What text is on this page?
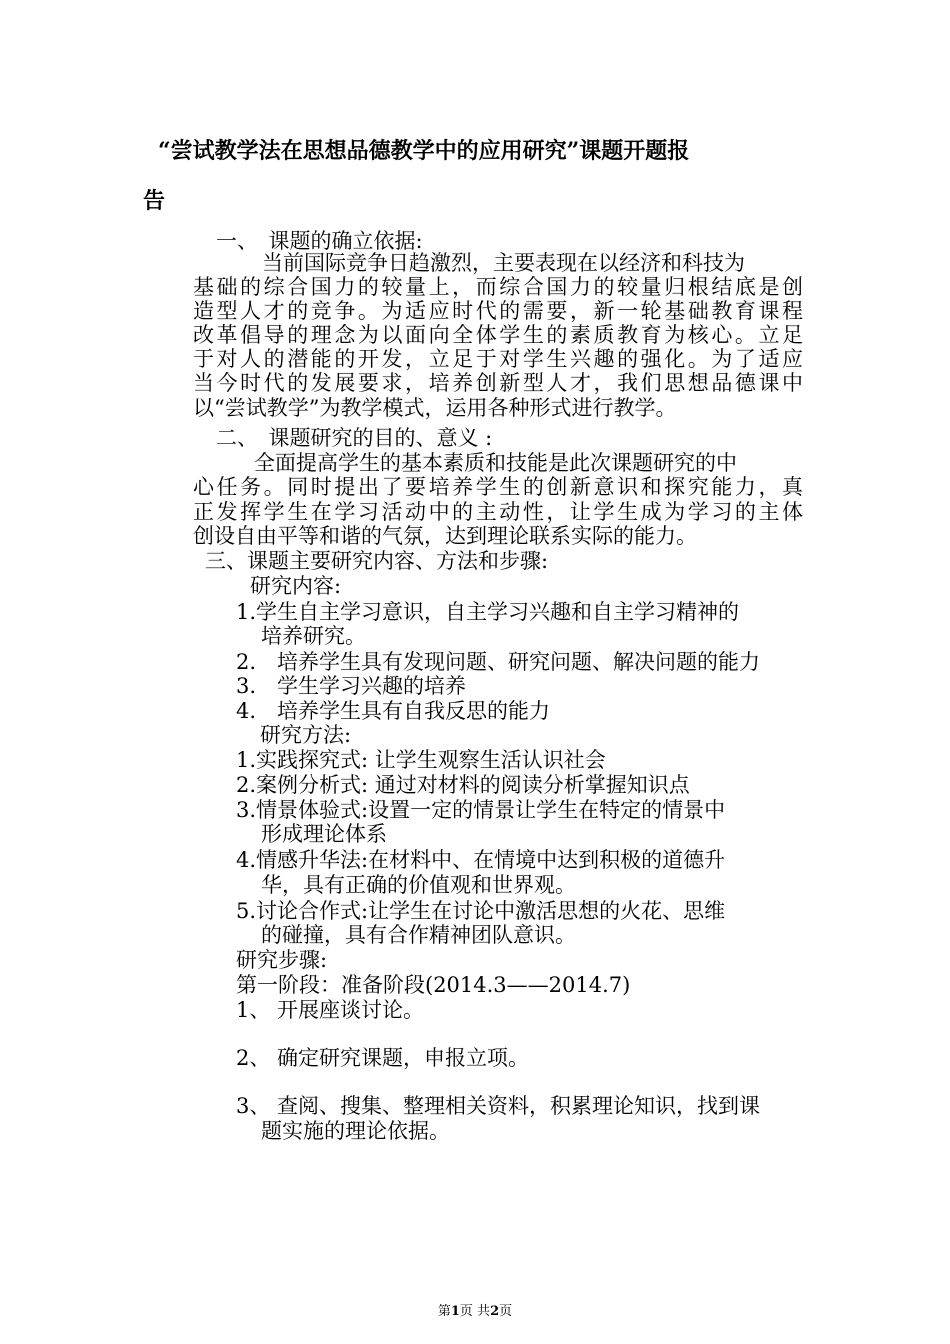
“尝试教学法在思想品德教学中的应用研究”课题开题报
告
一、　课题的确立依据:
当前国际竞争日趋激烈，主要表现在以经济和科技为
基础的综合国力的较量上，而综合国力的较量归根结底是创
造型人才的竞争。为适应时代的需要，新一轮基础教育课程
改革倡导的理念为以面向全体学生的素质教育为核心。立足
于对人的潜能的开发，立足于对学生兴趣的强化。为了适应
当今时代的发展要求，培养创新型人才，我们思想品德课中
以“尝试教学”为教学模式，运用各种形式进行教学。
二、　课题研究的目的、意义 :
全面提高学生的基本素质和技能是此次课题研究的中
心任务。同时提出了要培养学生的创新意识和探究能力，真
正发挥学生在学习活动中的主动性，让学生成为学习的主体
创设自由平等和谐的气氛，达到理论联系实际的能力。
三、课题主要研究内容、方法和步骤:
研究内容:
1.学生自主学习意识，自主学习兴趣和自主学习精神的
培养研究。
2.　培养学生具有发现问题、研究问题、解决问题的能力
3.　学生学习兴趣的培养
4.　培养学生具有自我反思的能力
研究方法:
1.实践探究式: 让学生观察生活认识社会
2.案例分析式: 通过对材料的阅读分析掌握知识点
3.情景体验式:设置一定的情景让学生在特定的情景中
形成理论体系
4.情感升华法:在材料中、在情境中达到积极的道德升
华，具有正确的价值观和世界观。
5.讨论合作式:让学生在讨论中激活思想的火花、思维
的碰撞，具有合作精神团队意识。
研究步骤:
第一阶段：准备阶段(2014.3——2014.7)
1、 开展座谈讨论。
2、 确定研究课题，申报立项。
3、 查阅、搜集、整理相关资料，积累理论知识，找到课
题实施的理论依据。
第1页 共2页
